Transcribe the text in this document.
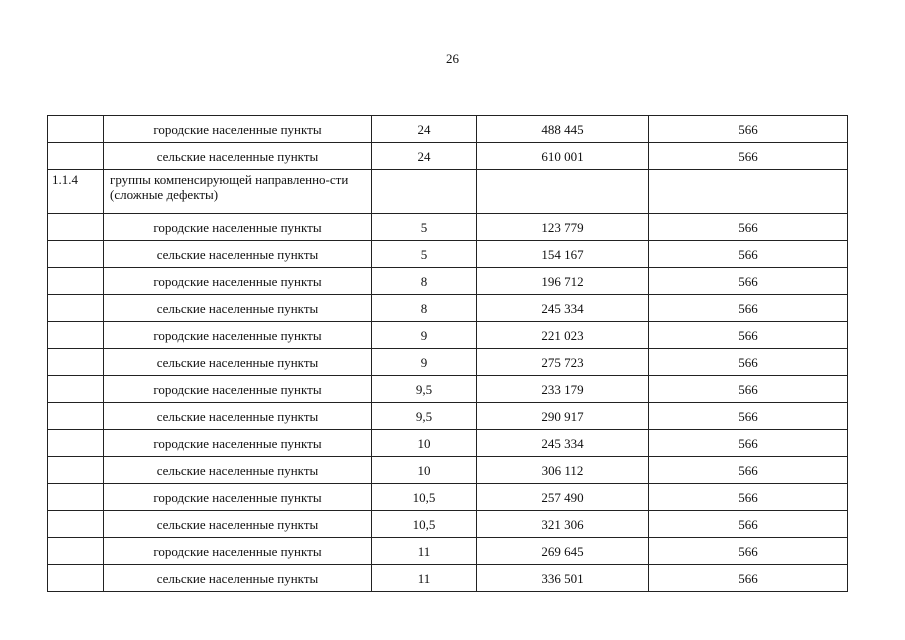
26
	городские населенные пункты	24	488 445	566
	сельские населенные пункты	24	610 001	566
1.1.4	группы компенсирующей направленно-сти (сложные дефекты)			
	городские населенные пункты	5	123 779	566
	сельские населенные пункты	5	154 167	566
	городские населенные пункты	8	196 712	566
	сельские населенные пункты	8	245 334	566
	городские населенные пункты	9	221 023	566
	сельские населенные пункты	9	275 723	566
	городские населенные пункты	9,5	233 179	566
	сельские населенные пункты	9,5	290 917	566
	городские населенные пункты	10	245 334	566
	сельские населенные пункты	10	306 112	566
	городские населенные пункты	10,5	257 490	566
	сельские населенные пункты	10,5	321 306	566
	городские населенные пункты	11	269 645	566
	сельские населенные пункты	11	336 501	566
